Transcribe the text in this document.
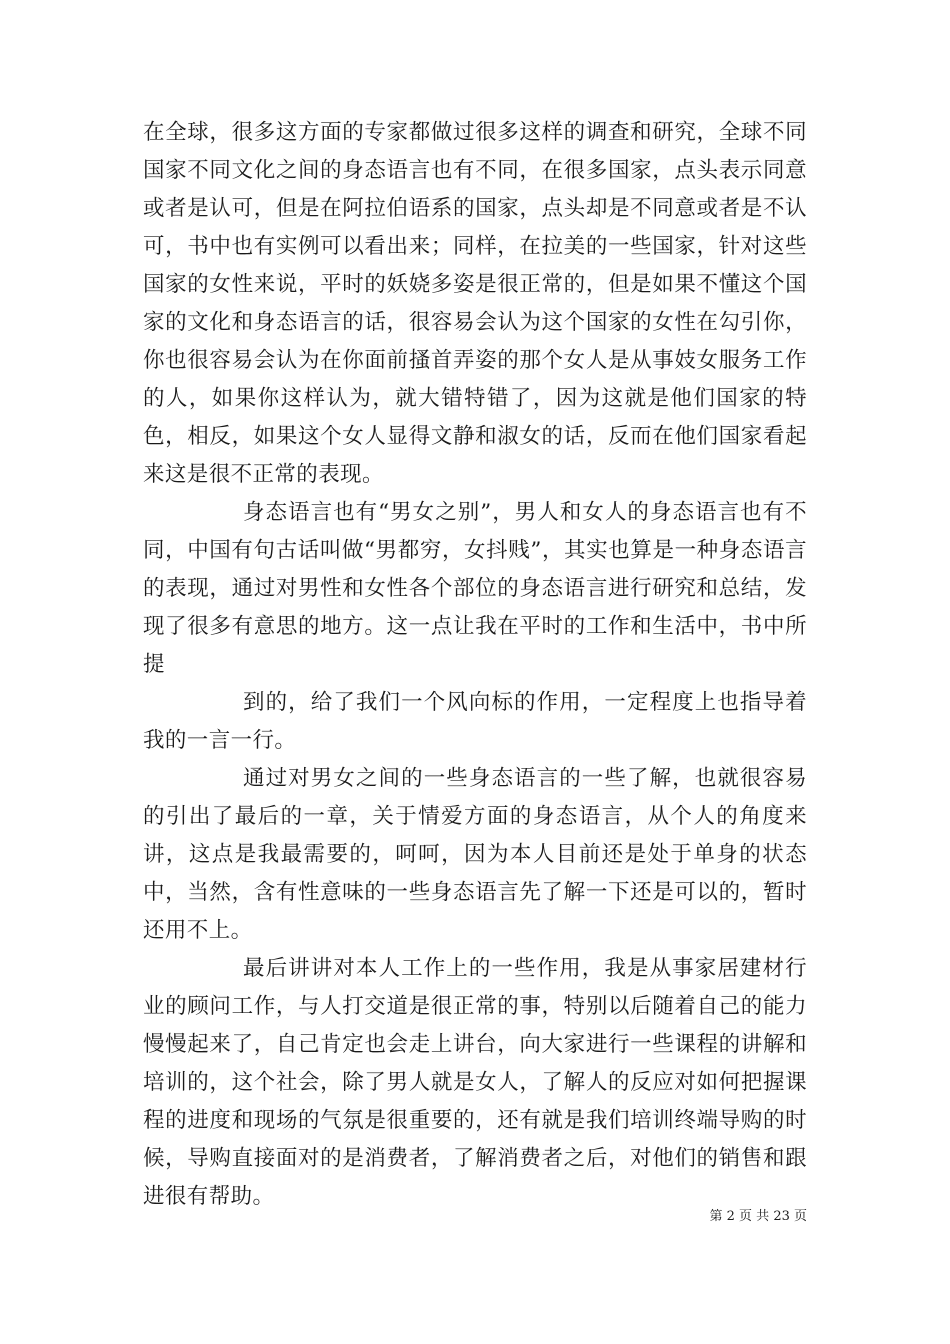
在全球，很多这方面的专家都做过很多这样的调查和研究，全球不同国家不同文化之间的身态语言也有不同，在很多国家，点头表示同意或者是认可，但是在阿拉伯语系的国家，点头却是不同意或者是不认可，书中也有实例可以看出来；同样，在拉美的一些国家，针对这些国家的女性来说，平时的妖娆多姿是很正常的，但是如果不懂这个国家的文化和身态语言的话，很容易会认为这个国家的女性在勾引你，你也很容易会认为在你面前搔首弄姿的那个女人是从事妓女服务工作的人，如果你这样认为，就大错特错了，因为这就是他们国家的特色，相反，如果这个女人显得文静和淑女的话，反而在他们国家看起来这是很不正常的表现。

身态语言也有“男女之别”，男人和女人的身态语言也有不同，中国有句古话叫做“男都穷，女抖贱”，其实也算是一种身态语言的表现，通过对男性和女性各个部位的身态语言进行研究和总结，发现了很多有意思的地方。这一点让我在平时的工作和生活中，书中所提

到的，给了我们一个风向标的作用，一定程度上也指导着我的一言一行。

通过对男女之间的一些身态语言的一些了解，也就很容易的引出了最后的一章，关于情爱方面的身态语言，从个人的角度来讲，这点是我最需要的，呵呵，因为本人目前还是处于单身的状态中，当然，含有性意味的一些身态语言先了解一下还是可以的，暂时还用不上。

最后讲讲对本人工作上的一些作用，我是从事家居建材行业的顾问工作，与人打交道是很正常的事，特别以后随着自己的能力慢慢起来了，自己肯定也会走上讲台，向大家进行一些课程的讲解和培训的，这个社会，除了男人就是女人，了解人的反应对如何把握课程的进度和现场的气氛是很重要的，还有就是我们培训终端导购的时候，导购直接面对的是消费者，了解消费者之后，对他们的销售和跟进很有帮助。

第 2 页 共 23 页
